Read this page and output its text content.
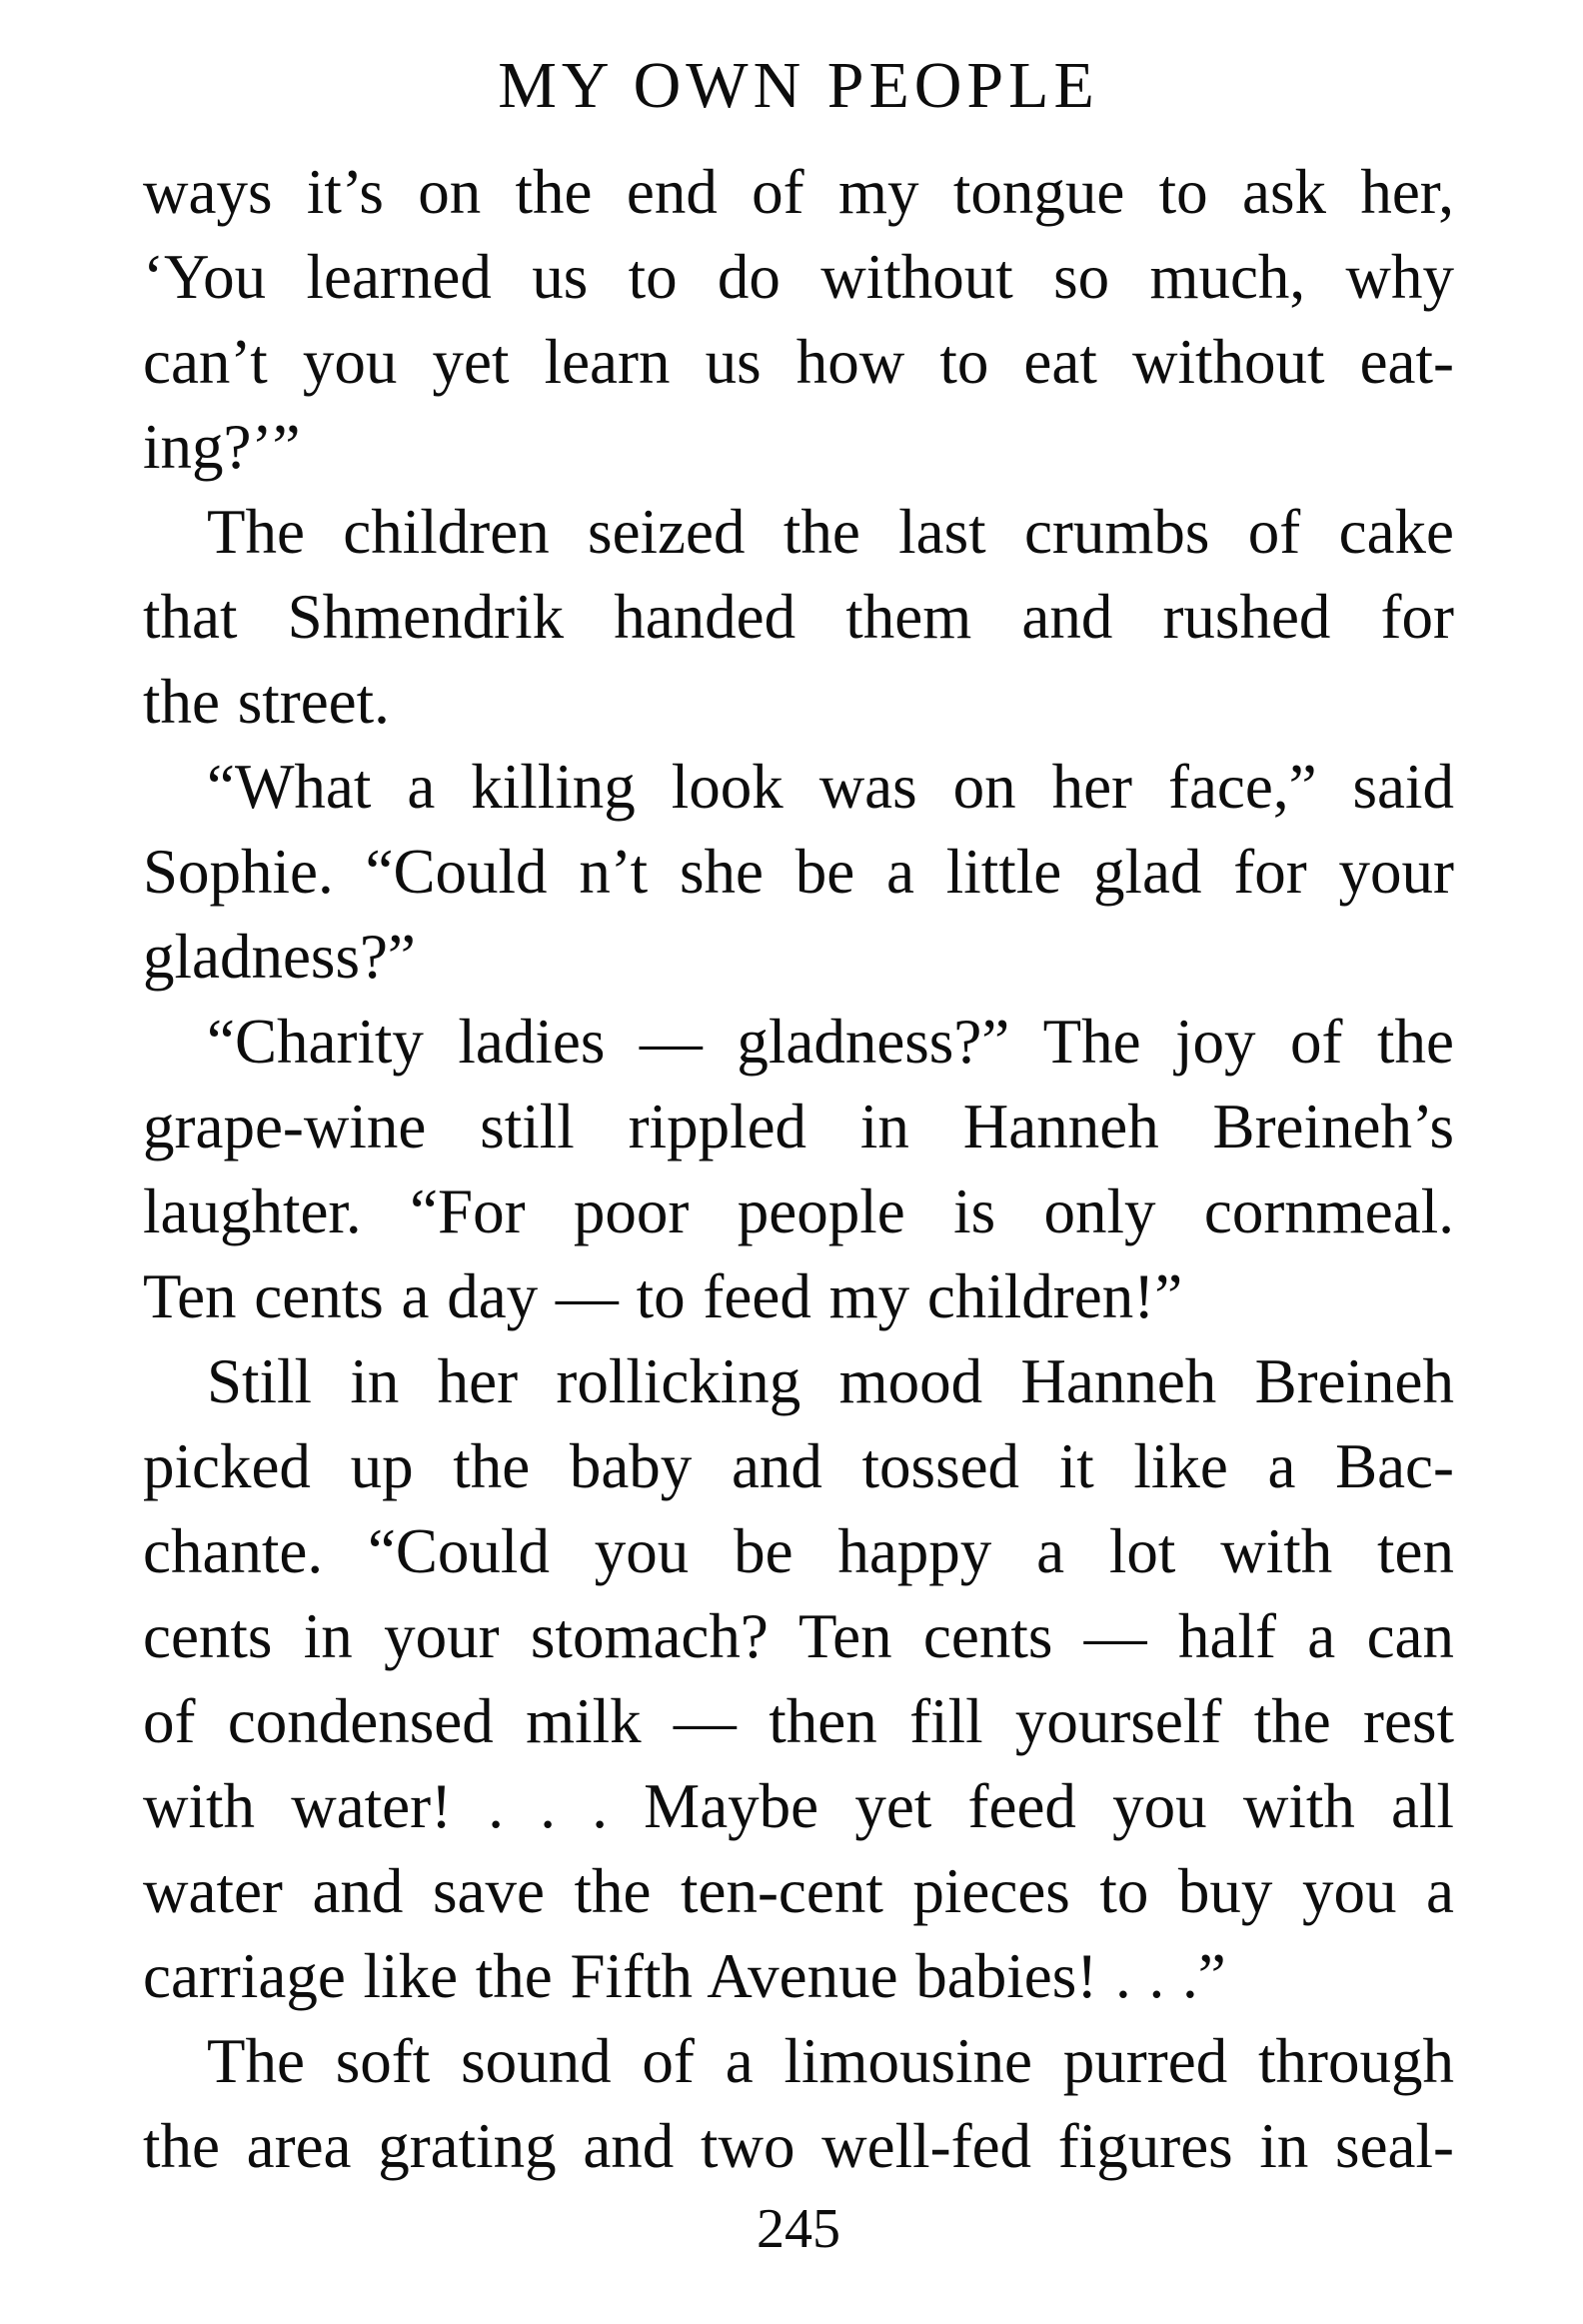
MY OWN PEOPLE
ways it’s on the end of my tongue to ask her,
‘You learned us to do without so much, why
can’t you yet learn us how to eat without eat-
ing?’”
The children seized the last crumbs of cake
that Shmendrik handed them and rushed for
the street.
“What a killing look was on her face,” said
Sophie. “Could n’t she be a little glad for your
gladness?”
“Charity ladies — gladness?” The joy of the
grape-wine still rippled in Hanneh Breineh’s
laughter. “For poor people is only cornmeal.
Ten cents a day — to feed my children!”
Still in her rollicking mood Hanneh Breineh
picked up the baby and tossed it like a Bac-
chante. “Could you be happy a lot with ten
cents in your stomach? Ten cents — half a can
of condensed milk — then fill yourself the rest
with water! . . . Maybe yet feed you with all
water and save the ten-cent pieces to buy you a
carriage like the Fifth Avenue babies! . . .”
The soft sound of a limousine purred through
the area grating and two well-fed figures in seal-
245
